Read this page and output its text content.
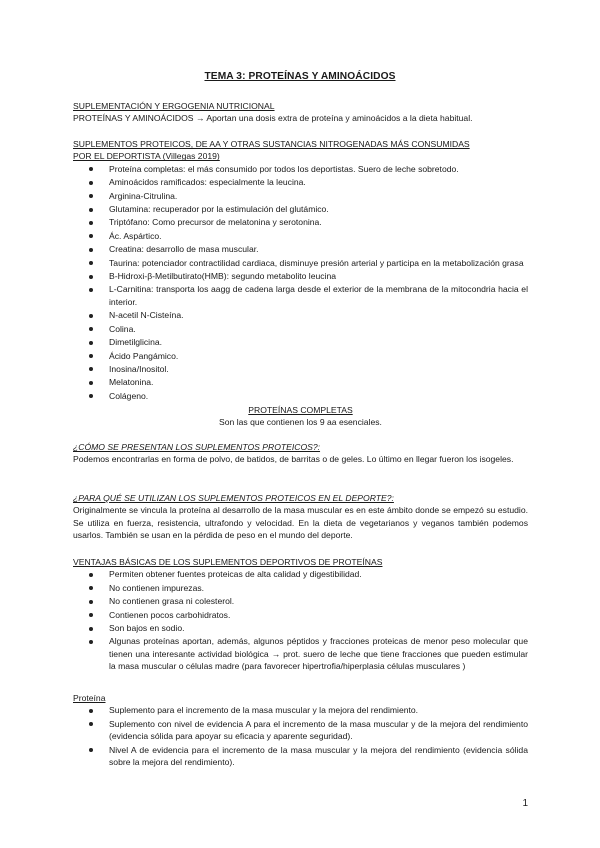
TEMA 3: PROTEÍNAS Y AMINOÁCIDOS

SUPLEMENTACIÓN Y ERGOGENIA NUTRICIONAL

PROTEÍNAS Y AMINOÁCIDOS → Aportan una dosis extra de proteína y aminoácidos a la dieta habitual.

SUPLEMENTOS PROTEICOS, DE AA Y OTRAS SUSTANCIAS NITROGENADAS MÁS CONSUMIDAS

POR EL DEPORTISTA (Villegas 2019)

Proteína completas: el más consumido por todos los deportistas. Suero de leche sobretodo.
Aminoácidos ramificados: especialmente la leucina.
Arginina-Citrulina.
Glutamina: recuperador por la estimulación del glutámico.
Triptófano: Como precursor de melatonina y serotonina.
Ác. Aspártico.
Creatina: desarrollo de masa muscular.
Taurina: potenciador contractilidad cardiaca, disminuye presión arterial y participa en la metabolización grasa
B-Hidroxi-β-Metilbutirato(HMB): segundo metabolito leucina
L-Carnitina: transporta los aagg de cadena larga desde el exterior de la membrana de la mitocondria hacia el interior.
N-acetil N-Cisteína.
Colina.
Dimetilglicina.
Ácido Pangámico.
Inosina/Inositol.
Melatonina.
Colágeno.

PROTEÍNAS COMPLETAS

Son las que contienen los 9 aa esenciales.

¿CÓMO SE PRESENTAN LOS SUPLEMENTOS PROTEICOS?:

Podemos encontrarlas en forma de polvo, de batidos, de barritas o de geles. Lo último en llegar fueron los isogeles.

¿PARA QUÉ SE UTILIZAN LOS SUPLEMENTOS PROTEICOS EN EL DEPORTE?:

Originalmente se vincula la proteína al desarrollo de la masa muscular es en este ámbito donde se empezó su estudio. Se utiliza en fuerza, resistencia, ultrafondo y velocidad. En la dieta de vegetarianos y veganos también podemos usarlos. También se usan en la pérdida de peso en el mundo del deporte.

VENTAJAS BÁSICAS DE LOS SUPLEMENTOS DEPORTIVOS DE PROTEÍNAS

Permiten obtener fuentes proteicas de alta calidad y digestibilidad.
No contienen impurezas.
No contienen grasa ni colesterol.
Contienen pocos carbohidratos.
Son bajos en sodio.
Algunas proteínas aportan, además, algunos péptidos y fracciones proteicas de menor peso molecular que tienen una interesante actividad biológica → prot. suero de leche que tiene fracciones que pueden estimular la masa muscular o células madre (para favorecer hipertrofia/hiperplasia células musculares )

Proteína

Suplemento para el incremento de la masa muscular y la mejora del rendimiento.
Suplemento con nivel de evidencia A para el incremento de la masa muscular y de la mejora del rendimiento (evidencia sólida para apoyar su eficacia y aparente seguridad).
Nivel A de evidencia para el incremento de la masa muscular y la mejora del rendimiento (evidencia sólida sobre la mejora del rendimiento).
1
